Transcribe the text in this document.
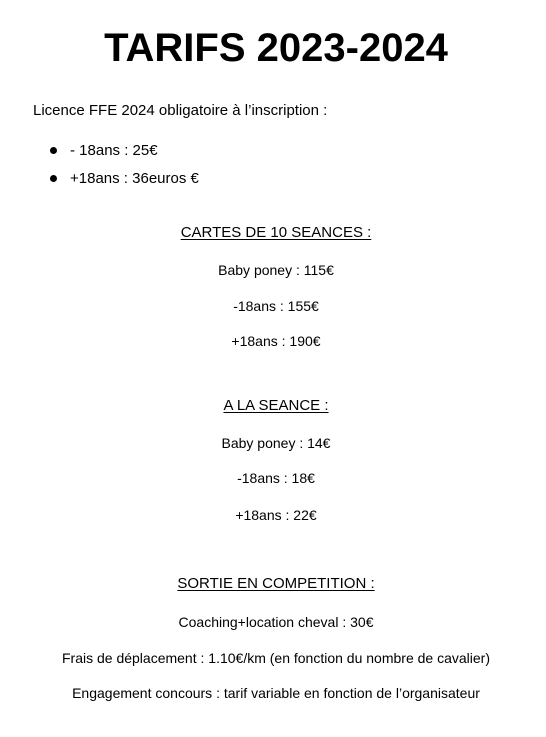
TARIFS 2023-2024
Licence FFE 2024 obligatoire à l’inscription :
- 18ans : 25€
+18ans : 36euros €
CARTES DE 10 SEANCES :
Baby poney : 115€
-18ans : 155€
+18ans : 190€
A LA SEANCE :
Baby poney : 14€
-18ans : 18€
+18ans : 22€
SORTIE EN COMPETITION :
Coaching+location cheval : 30€
Frais de déplacement : 1.10€/km (en fonction du nombre de cavalier)
Engagement concours : tarif variable en fonction de l’organisateur
